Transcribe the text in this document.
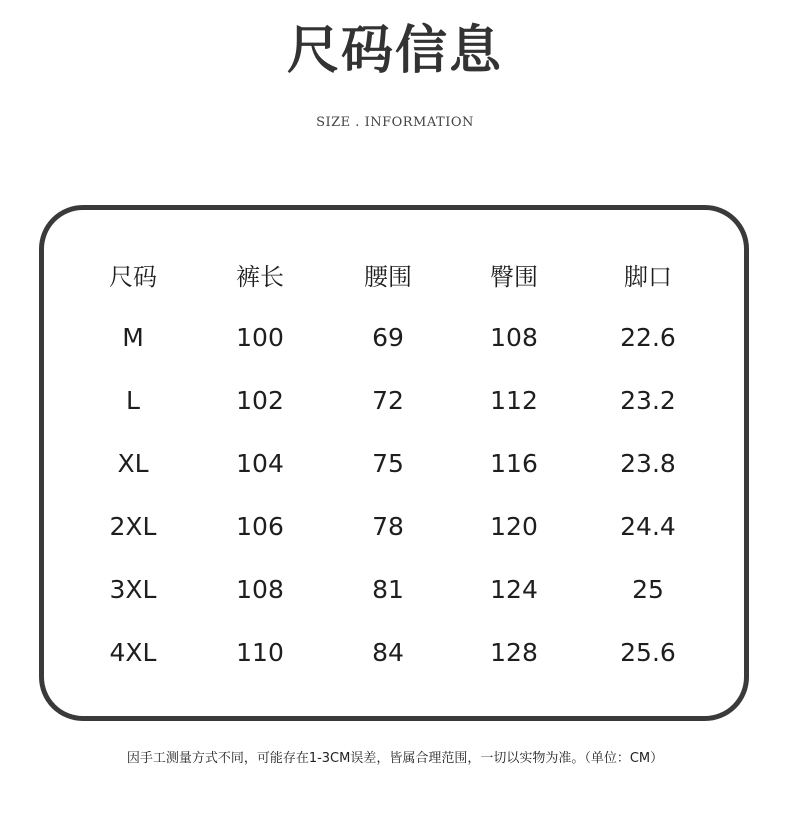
尺码信息
SIZE . INFORMATION
尺码	裤长	腰围	臀围	脚口
M	100	69	108	22.6
L	102	72	112	23.2
XL	104	75	116	23.8
2XL	106	78	120	24.4
3XL	108	81	124	25
4XL	110	84	128	25.6
因手工测量方式不同，可能存在1-3CM误差，皆属合理范围，一切以实物为准。（单位：CM）
